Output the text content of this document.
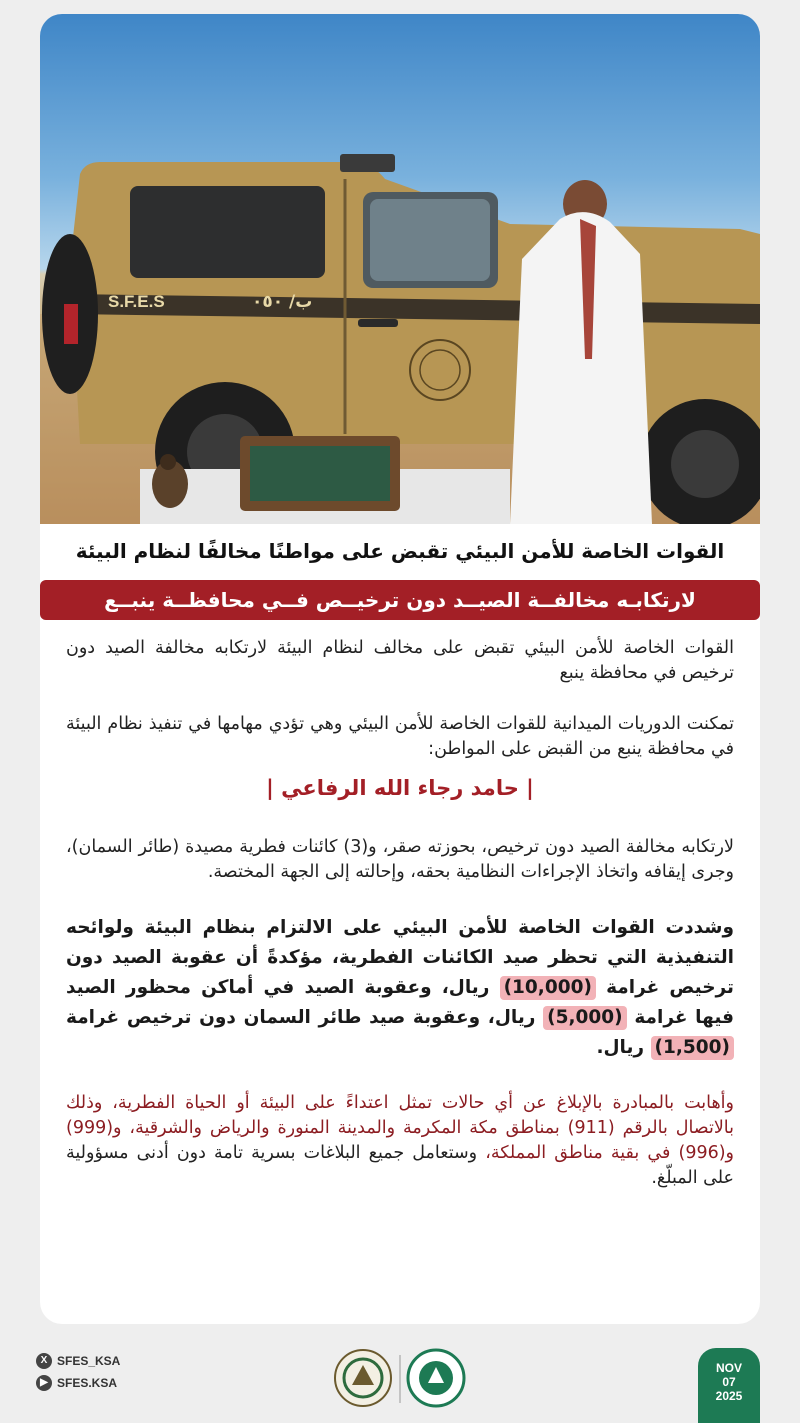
S.F.E.S	ب/ ٠٥٠
القوات الخاصة للأمن البيئي تقبض على مواطنًا مخالفًا لنظام البيئة
لارتكابـه مخالفــة الصيــد دون ترخيــص فــي محافظــة ينبــع

القوات الخاصة للأمن البيئي تقبض على مخالف لنظام البيئة لارتكابه مخالفة الصيد دون ترخيص في محافظة ينبع

تمكنت الدوريات الميدانية للقوات الخاصة للأمن البيئي وهي تؤدي مهامها في تنفيذ نظام البيئة في محافظة ينبع من القبض على المواطن:

| حامد رجاء الله الرفاعي |

لارتكابه مخالفة الصيد دون ترخيص، بحوزته صقر، و(3) كائنات فطرية مصيدة (طائر السمان)، وجرى إيقافه واتخاذ الإجراءات النظامية بحقه، وإحالته إلى الجهة المختصة.

وشددت القوات الخاصة للأمن البيئي على الالتزام بنظام البيئة ولوائحه التنفيذية التي تحظر صيد الكائنات الفطرية، مؤكدةً أن عقوبة الصيد دون ترخيص غرامة (10,000) ريال، وعقوبة الصيد في أماكن محظور الصيد فيها غرامة (5,000) ريال، وعقوبة صيد طائر السمان دون ترخيص غرامة (1,500) ريال.

وأهابت بالمبادرة بالإبلاغ عن أي حالات تمثل اعتداءً على البيئة أو الحياة الفطرية، وذلك بالاتصال بالرقم (911) بمناطق مكة المكرمة والمدينة المنورة والرياض والشرقية، و(999) و(996) في بقية مناطق المملكة، وستعامل جميع البلاغات بسرية تامة دون أدنى مسؤولية على المبلّغ.

X SFES_KSA
▶ SFES.KSA
NOV
07
2025
